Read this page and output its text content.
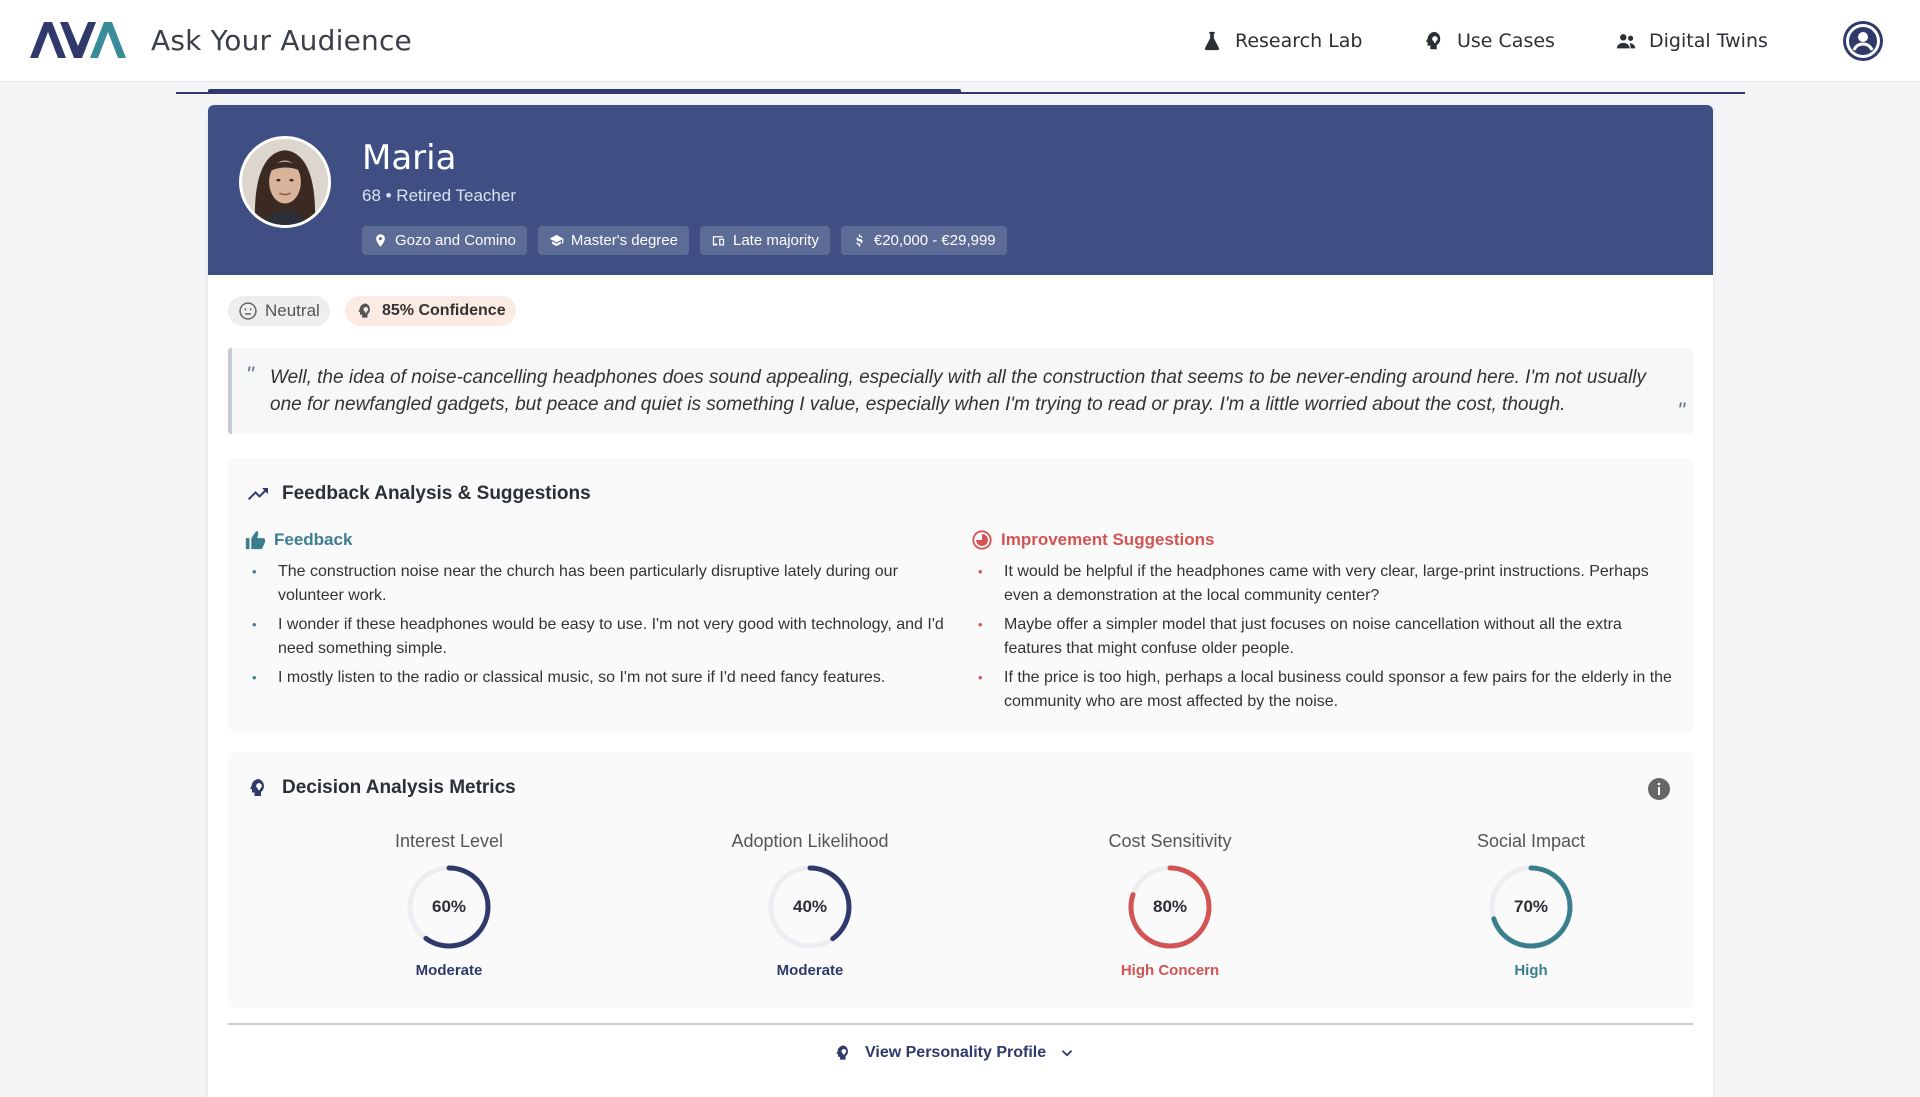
Ask Your Audience	Research Lab	Use Cases	Digital Twins
Maria
68 • Retired Teacher
Gozo and Comino	Master's degree	Late majority	€20,000 - €29,999
Neutral	85% Confidence
" Well, the idea of noise-cancelling headphones does sound appealing, especially with all the construction that seems to be never-ending around here. I'm not usually one for newfangled gadgets, but peace and quiet is something I value, especially when I'm trying to read or pray. I'm a little worried about the cost, though.	"
Feedback Analysis & Suggestions
Feedback
• The construction noise near the church has been particularly disruptive lately during our volunteer work.
• I wonder if these headphones would be easy to use. I'm not very good with technology, and I'd need something simple.
• I mostly listen to the radio or classical music, so I'm not sure if I'd need fancy features.
Improvement Suggestions
• It would be helpful if the headphones came with very clear, large-print instructions. Perhaps even a demonstration at the local community center?
• Maybe offer a simpler model that just focuses on noise cancellation without all the extra features that might confuse older people.
• If the price is too high, perhaps a local business could sponsor a few pairs for the elderly in the community who are most affected by the noise.
Decision Analysis Metrics
Interest Level
60%
Moderate
Adoption Likelihood
40%
Moderate
Cost Sensitivity
80%
High Concern
Social Impact
70%
High
View Personality Profile
